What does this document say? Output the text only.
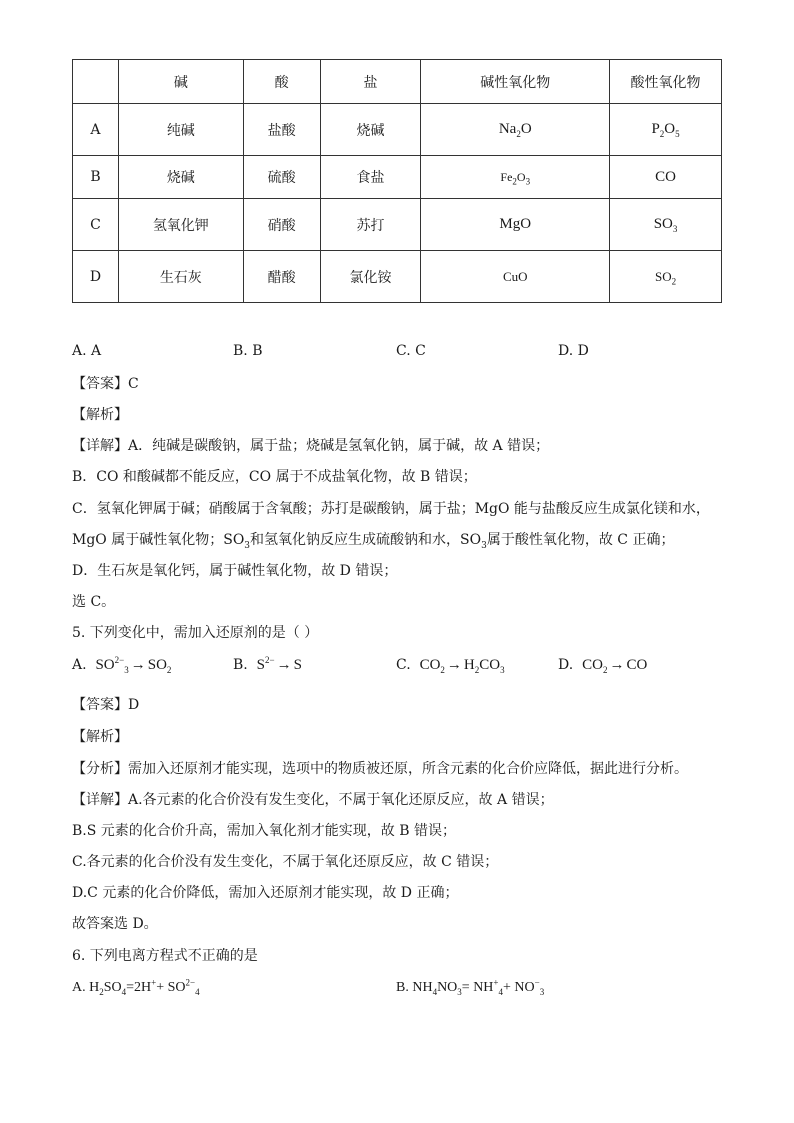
	碱	酸	盐	碱性氧化物	酸性氧化物
A	纯碱	盐酸	烧碱	$Na_2O$	$P_2O_5$
B	烧碱	硫酸	食盐	$Fe_2O_3$	CO
C	氢氧化钾	硝酸	苏打	MgO	$SO_3$
D	生石灰	醋酸	氯化铵	CuO	$SO_2$
A. A	B. B	C. C	D. D
【答案】C
【解析】
【详解】A．纯碱是碳酸钠，属于盐；烧碱是氢氧化钠，属于碱，故 A 错误；
B．CO 和酸碱都不能反应，CO 属于不成盐氧化物，故 B 错误；
C．氢氧化钾属于碱；硝酸属于含氧酸；苏打是碳酸钠，属于盐；MgO 能与盐酸反应生成氯化镁和水，
MgO 属于碱性氧化物；$SO_3$和氢氧化钠反应生成硫酸钠和水，$SO_3$属于酸性氧化物，故 C 正确；
D．生石灰是氧化钙，属于碱性氧化物，故 D 错误；
选 C。
5. 下列变化中，需加入还原剂的是（ ）
A. $SO^{2-}_3 \to SO_2$	B. $S^{2-} \to S$	C. $CO_2 \to H_2CO_3$	D. $CO_2$ → CO
【答案】D
【解析】
【分析】需加入还原剂才能实现，选项中的物质被还原，所含元素的化合价应降低，据此进行分析。
【详解】A.各元素的化合价没有发生变化，不属于氧化还原反应，故 A 错误；
B.S 元素的化合价升高，需加入氧化剂才能实现，故 B 错误；
C.各元素的化合价没有发生变化，不属于氧化还原反应，故 C 错误；
D.C 元素的化合价降低，需加入还原剂才能实现，故 D 正确；
故答案选 D。
6. 下列电离方程式不正确的是
A. $H_2SO_4=2H^++ SO^{2-}_4$	B. $NH_4NO_3= NH^+_4+ NO^-_3$
